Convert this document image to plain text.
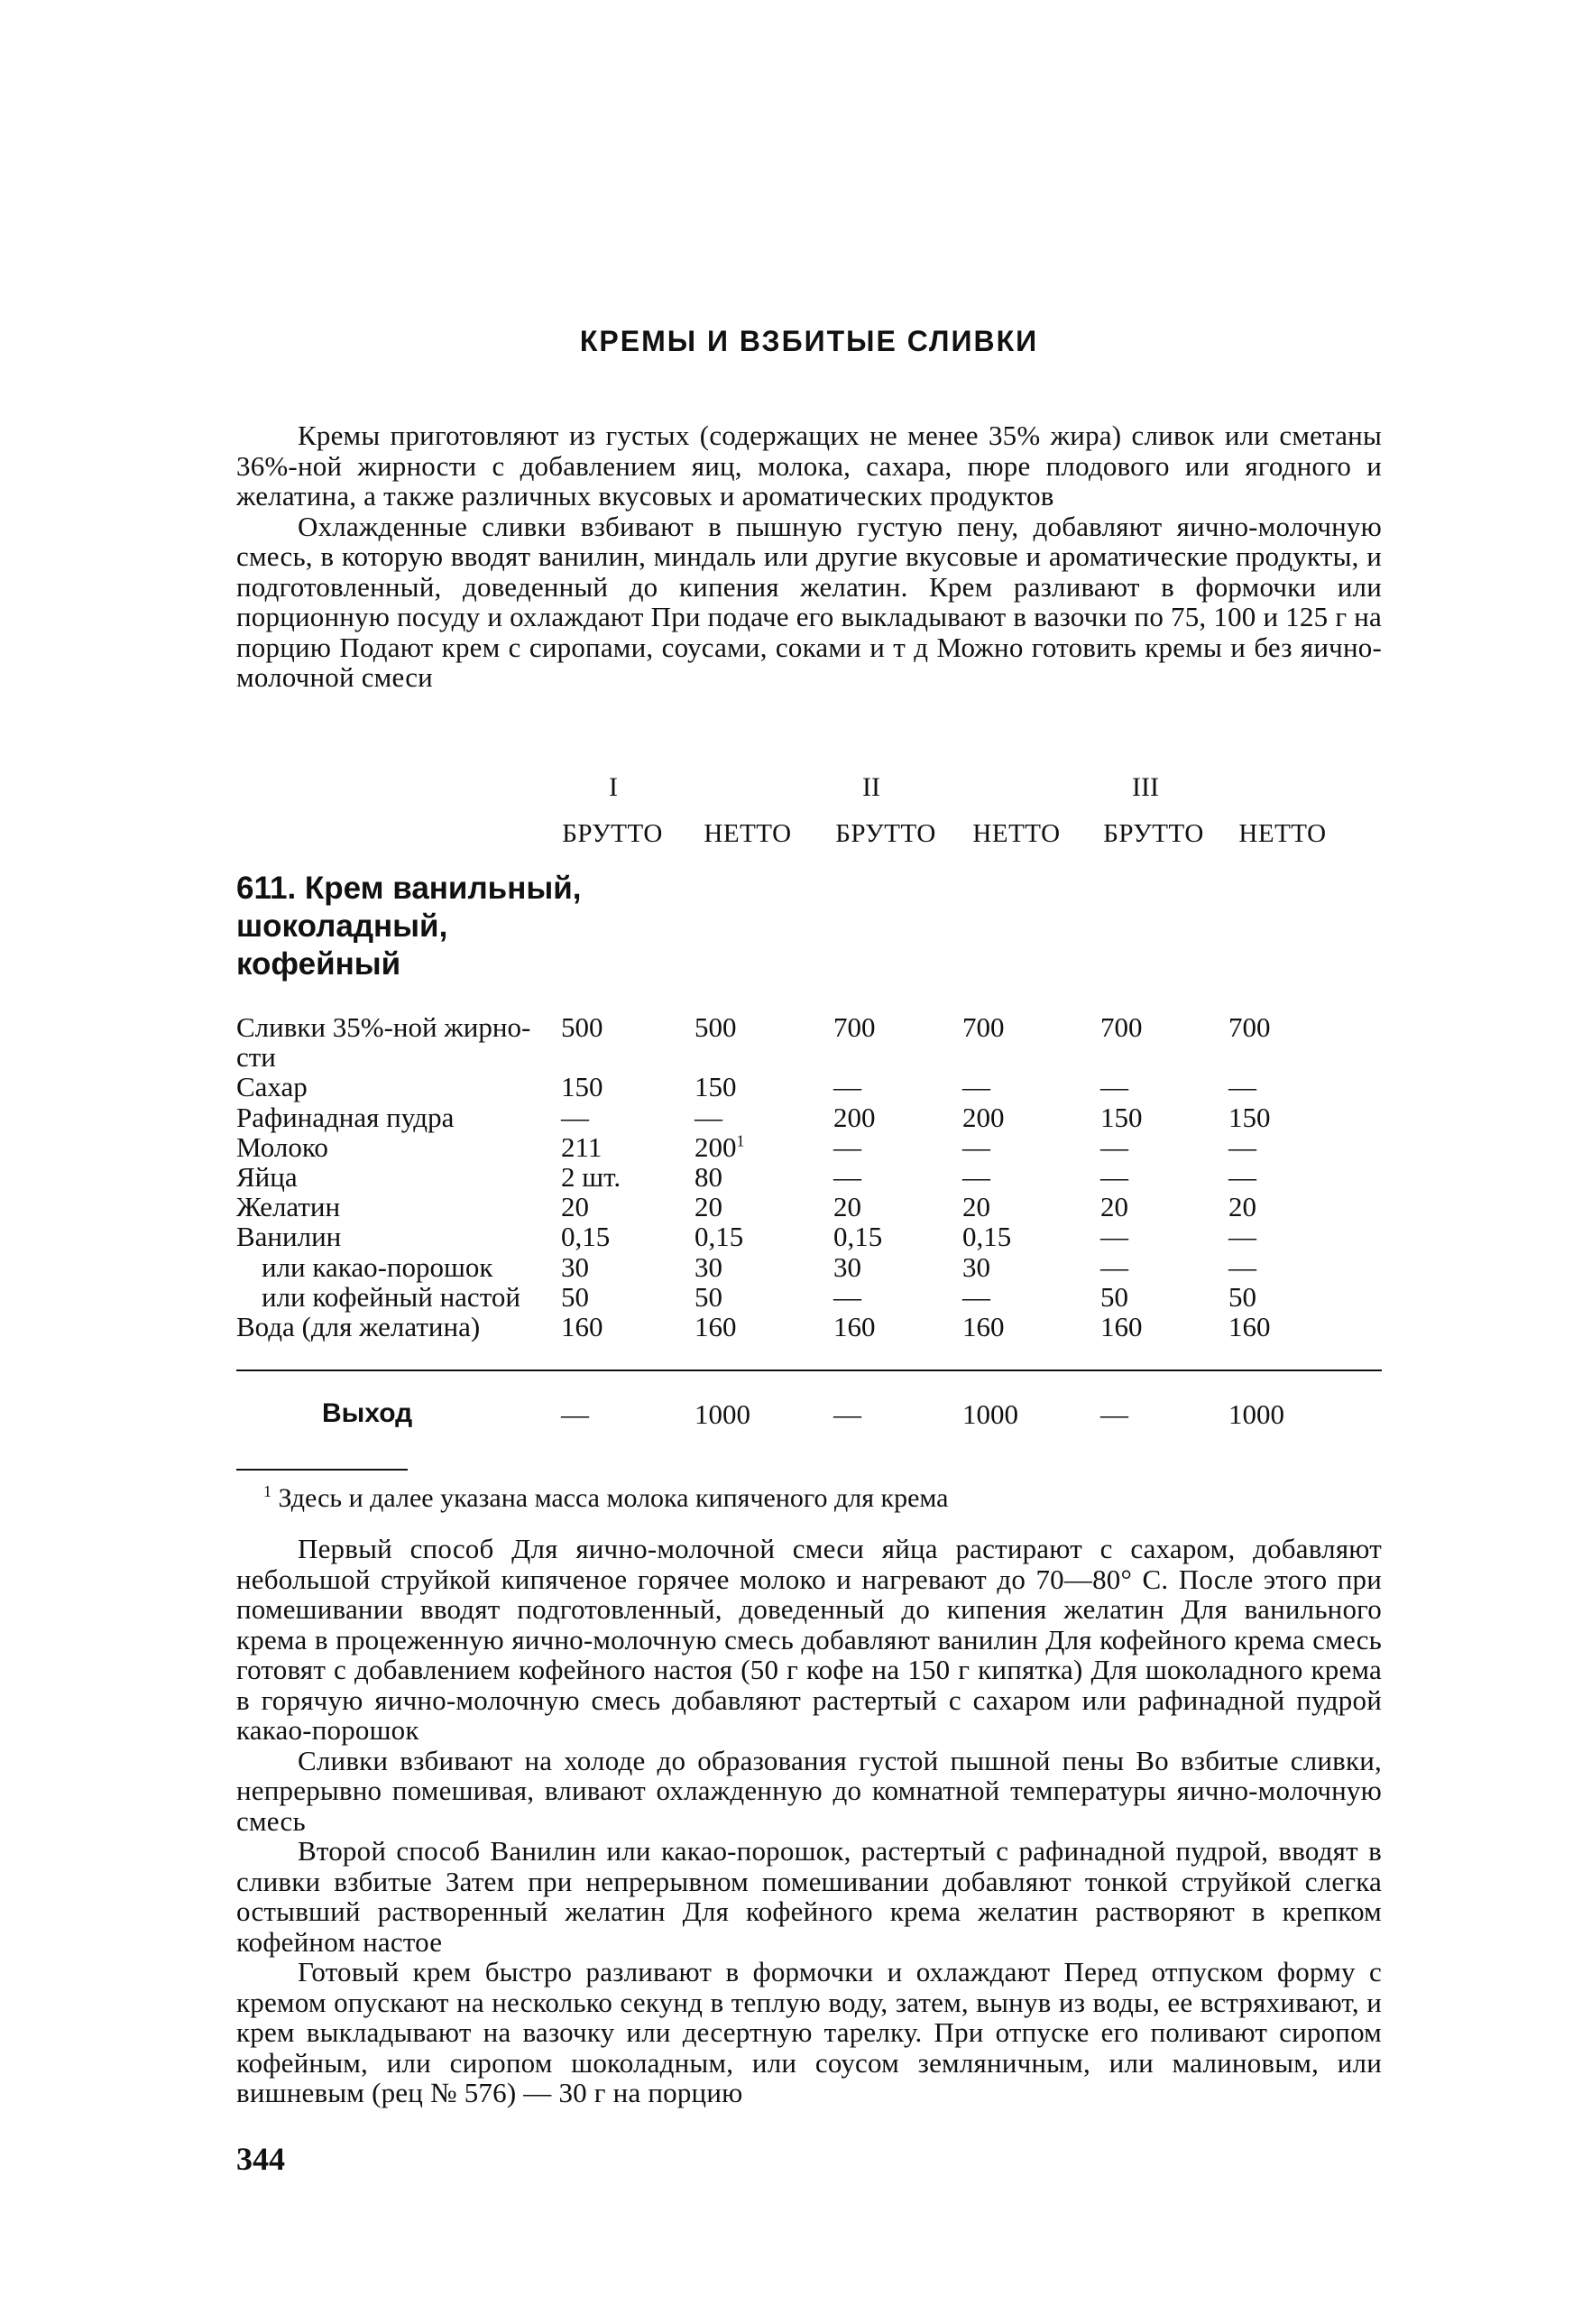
КРЕМЫ И ВЗБИТЫЕ СЛИВКИ

Кремы приготовляют из густых (содержащих не менее 35% жира) сливок или сметаны 36%-ной жирности с добавлением яиц, молока, сахара, пюре плодового или ягодного и желатина, а также различных вкусовых и ароматических продуктов

Охлажденные сливки взбивают в пышную густую пену, добавляют яично-молочную смесь, в которую вводят ванилин, миндаль или другие вкусовые и ароматические продукты, и подготовленный, доведенный до кипения желатин. Крем разливают в формочки или порционную посуду и охлаждают При подаче его выкладывают в вазочки по 75, 100 и 125 г на порцию Подают крем с сиропами, соусами, соками и т д Можно готовить кремы и без яично-молочной смеси

I	II	III
БРУТТО	НЕТТО	БРУТТО	НЕТТО	БРУТТО	НЕТТО
611. Крем ванильный, шоколадный, кофейный
Сливки 35%-ной жирно-	500	500	700	700	700	700
сти
Сахар	150	150	—	—	—	—
Рафинадная пудра	—	—	200	200	150	150
Молоко	211	$200^1$	—	—	—	—
Яйца	2 шт.	80	—	—	—	—
Желатин	20	20	20	20	20	20
Ванилин	0,15	0,15	0,15	0,15	—	—
или какао-порошок	30	30	30	30	—	—
или кофейный настой	50	50	—	—	50	50
Вода (для желатина)	160	160	160	160	160	160
Выход	—	1000	—	1000	—	1000
$^1$ Здесь и далее указана масса молока кипяченого для крема

Первый способ Для яично-молочной смеси яйца растирают с сахаром, добавляют небольшой струйкой кипяченое горячее молоко и нагревают до 70—80° С. После этого при помешивании вводят подготовленный, доведенный до кипения желатин Для ванильного крема в процеженную яично-молочную смесь добавляют ванилин Для кофейного крема смесь готовят с добавлением кофейного настоя (50 г кофе на 150 г кипятка) Для шоколадного крема в горячую яично-молочную смесь добавляют растертый с сахаром или рафинадной пудрой какао-порошок

Сливки взбивают на холоде до образования густой пышной пены Во взбитые сливки, непрерывно помешивая, вливают охлажденную до комнатной температуры яично-молочную смесь

Второй способ Ванилин или какао-порошок, растертый с рафинадной пудрой, вводят в сливки взбитые Затем при непрерывном помешивании добавляют тонкой струйкой слегка остывший растворенный желатин Для кофейного крема желатин растворяют в крепком кофейном настое

Готовый крем быстро разливают в формочки и охлаждают Перед отпуском форму с кремом опускают на несколько секунд в теплую воду, затем, вынув из воды, ее встряхивают, и крем выкладывают на вазочку или десертную тарелку. При отпуске его поливают сиропом кофейным, или сиропом шоколадным, или соусом земляничным, или малиновым, или вишневым (рец № 576) — 30 г на порцию

344
